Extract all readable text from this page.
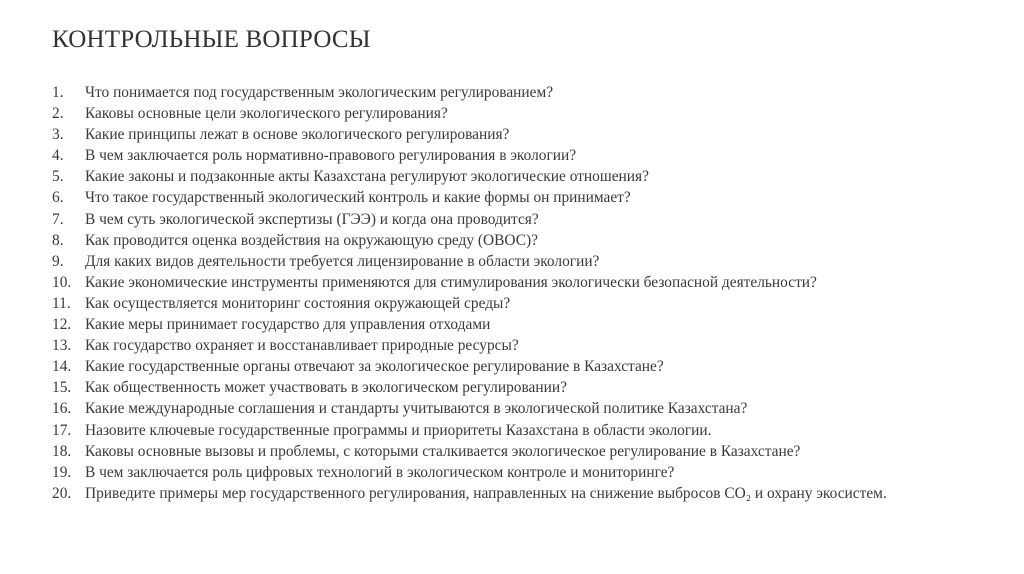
КОНТРОЛЬНЫЕ ВОПРОСЫ
1.	Что понимается под государственным экологическим регулированием?
2.	Каковы основные цели экологического регулирования?
3.	Какие принципы лежат в основе экологического регулирования?
4.	В чем заключается роль нормативно-правового регулирования в экологии?
5.	Какие законы и подзаконные акты Казахстана регулируют экологические отношения?
6.	Что такое государственный экологический контроль и какие формы он принимает?
7.	В чем суть экологической экспертизы (ГЭЭ) и когда она проводится?
8.	Как проводится оценка воздействия на окружающую среду (ОВОС)?
9.	Для каких видов деятельности требуется лицензирование в области экологии?
10. Какие экономические инструменты применяются для стимулирования экологически безопасной деятельности?
11. Как осуществляется мониторинг состояния окружающей среды?
12. Какие меры принимает государство для управления отходами
13. Как государство охраняет и восстанавливает природные ресурсы?
14. Какие государственные органы отвечают за экологическое регулирование в Казахстане?
15. Как общественность может участвовать в экологическом регулировании?
16. Какие международные соглашения и стандарты учитываются в экологической политике Казахстана?
17. Назовите ключевые государственные программы и приоритеты Казахстана в области экологии.
18. Каковы основные вызовы и проблемы, с которыми сталкивается экологическое регулирование в Казахстане?
19. В чем заключается роль цифровых технологий в экологическом контроле и мониторинге?
20. Приведите примеры мер государственного регулирования, направленных на снижение выбросов CO₂ и охрану экосистем.
